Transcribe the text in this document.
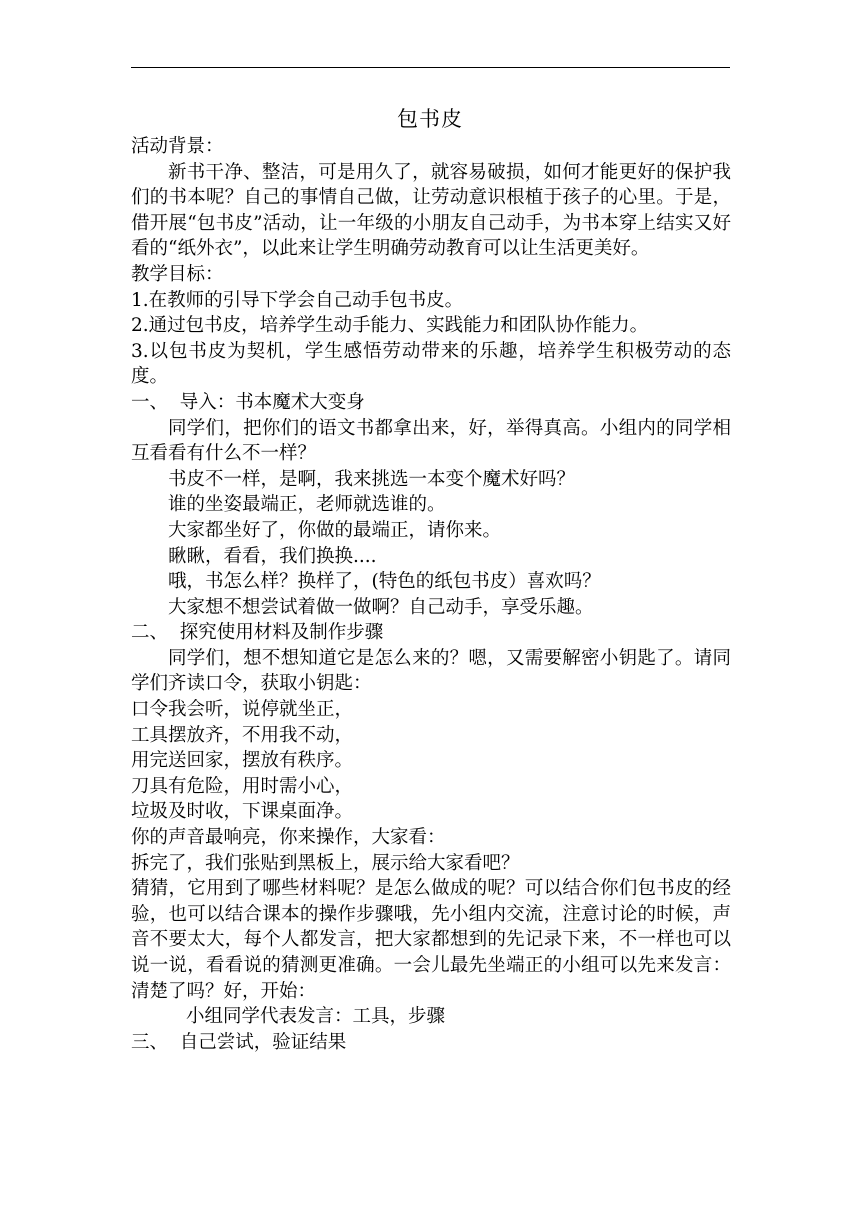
包书皮

活动背景：

新书干净、整洁，可是用久了，就容易破损，如何才能更好的保护我们的书本呢？自己的事情自己做，让劳动意识根植于孩子的心里。于是，借开展“包书皮”活动，让一年级的小朋友自己动手，为书本穿上结实又好看的“纸外衣”，以此来让学生明确劳动教育可以让生活更美好。

教学目标：

1.在教师的引导下学会自己动手包书皮。

2.通过包书皮，培养学生动手能力、实践能力和团队协作能力。

3.以包书皮为契机，学生感悟劳动带来的乐趣，培养学生积极劳动的态度。

一、  导入：书本魔术大变身

同学们，把你们的语文书都拿出来，好，举得真高。小组内的同学相互看看有什么不一样？

书皮不一样，是啊，我来挑选一本变个魔术好吗？

谁的坐姿最端正，老师就选谁的。

大家都坐好了，你做的最端正，请你来。

瞅瞅，看看，我们换换....

哦，书怎么样？换样了，(特色的纸包书皮）喜欢吗？

大家想不想尝试着做一做啊？自己动手，享受乐趣。

二、  探究使用材料及制作步骤

同学们，想不想知道它是怎么来的？嗯，又需要解密小钥匙了。请同学们齐读口令，获取小钥匙：

口令我会听，说停就坐正，

工具摆放齐，不用我不动，

用完送回家，摆放有秩序。

刀具有危险，用时需小心，

垃圾及时收，下课桌面净。

你的声音最响亮，你来操作，大家看：

拆完了，我们张贴到黑板上，展示给大家看吧？

猜猜，它用到了哪些材料呢？是怎么做成的呢？可以结合你们包书皮的经验，也可以结合课本的操作步骤哦，先小组内交流，注意讨论的时候，声音不要太大，每个人都发言，把大家都想到的先记录下来，不一样也可以说一说，看看说的猜测更准确。一会儿最先坐端正的小组可以先来发言：清楚了吗？好，开始：

小组同学代表发言：工具，步骤

三、  自己尝试，验证结果
